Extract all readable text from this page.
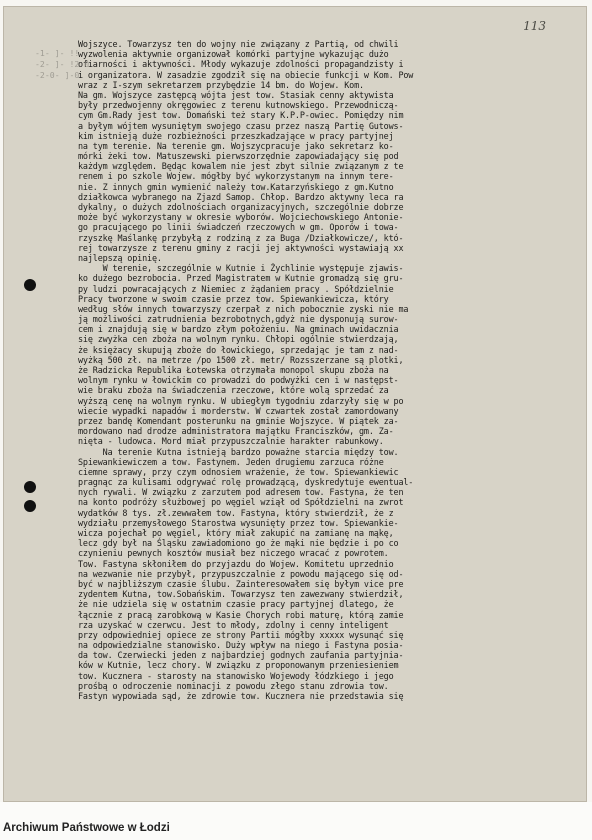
113
-1- ]- !!
-2- ]- !2-0
-2-0- ]-0
Wojszyce. Towarzysz ten do wojny nie związany z Partią, od chwili
wyzwolenia aktywnie organizował komórki partyjne wykazując dużo
ofiarności i aktywności. Młody wykazuje zdolności propagandzisty i
i organizatora. W zasadzie zgodził się na obiecie funkcji w Kom. Pow
wraz z I-szym sekretarzem przybędzie 14 bm. do Wojew. Kom.
Na gm. Wojszyce zastępcą wójta jest tow. Stasiak cenny aktywista
były przedwojenny okręgowiec z terenu kutnowskiego. Przewodniczą-
cym Gm.Rady jest tow. Domański też stary K.P.P-owiec. Pomiędzy nim
a byłym wójtem wysuniętym swojego czasu przez naszą Partię Gutows-
kim istnieją duże rozbieżności przeszkadzające w pracy partyjnej
na tym terenie. Na terenie gm. Wojszycpracuje jako sekretarz ko-
mórki żeki tow. Matuszewski pierwszorzędnie zapowiadający się pod
każdym względem. Będąc kowalem nie jest zbyt silnie związanym z te
renem i po szkole Wojew. mógłby być wykorzystanym na innym tere-
nie. Z innych gmin wymienić należy tow.Katarzyńskiego z gm.Kutno
działkowca wybranego na Zjazd Samop. Chłop. Bardzo aktywny leca ra
dykalny, o dużych zdolnościach organizacyjnych, szczególnie dobrze
może być wykorzystany w okresie wyborów. Wojciechowskiego Antonie-
go pracującego po linii świadczeń rzeczowych w gm. Oporów i towa-
rzyszkę Maślankę przybyłą z rodziną z za Buga /Działkowicze/, któ-
rej towarzysze z terenu gminy z racji jej aktywności wystawiają xx
najlepszą opinię.
W terenie, szczególnie w Kutnie i Żychlinie występuje zjawis-
ko dużego bezrobocia. Przed Magistratem w Kutnie gromadzą się gru-
py ludzi powracających z Niemiec z żądaniem pracy . Spółdzielnie
Pracy tworzone w swoim czasie przez tow. Spiewankiewicza, który
według słów innych towarzyszy czerpał z nich pobocznie zyski nie ma
ją możliwości zatrudnienia bezrobotnych,gdyż nie dysponują surow-
cem i znajdują się w bardzo złym położeniu. Na gminach uwidacznia
się zwyżka cen zboża na wolnym rynku. Chłopi ogólnie stwierdzają,
że księżacy skupują zboże do łowickiego, sprzedając je tam z nad-
wyżką 500 zł. na metrze /po 1500 zł. metr/ Rozsszerzane są plotki,
że Radzicka Republika Łotewska otrzymała monopol skupu zboża na
wolnym rynku w łowickim co prowadzi do podwyżki cen i w następst-
wie braku zboża na świadczenia rzeczowe, które wolą sprzedać za
wyższą cenę na wolnym rynku. W ubiegłym tygodniu zdarzyły się w po
wiecie wypadki napadów i morderstw. W czwartek został zamordowany
przez bandę Komendant posterunku na gminie Wojszyce. W piątek za-
mordowano nad drodze administratora majątku Franciszków, gm. Za-
nięta - ludowca. Mord miał przypuszczalnie harakter rabunkowy.
Na terenie Kutna istnieją bardzo poważne starcia między tow.
Spiewankiewiczem a tow. Fastynem. Jeden drugiemu zarzuca różne
ciemne sprawy, przy czym odnosiem wrażenie, że tow. Spiewankiewic
pragnąc za kulisami odgrywać rolę prowadzącą, dyskredytuje ewentual-
nych rywali. W związku z zarzutem pod adresem tow. Fastyna, że ten
na konto podróży służbowej po węgiel wziął od Spółdzielni na zwrot
wydatków 8 tys. zł.zewwałem tow. Fastyna, który stwierdził, że z
wydziału przemysłowego Starostwa wysunięty przez tow. Spiewankie-
wicza pojechał po węgiel, który miał zakupić na zamianę na mąkę,
lecz gdy był na Śląsku zawiadomiono go że mąki nie będzie i po co
czynieniu pewnych kosztów musiał bez niczego wracać z powrotem.
Tow. Fastyna skłoniłem do przyjazdu do Wojew. Komitetu uprzednio
na wezwanie nie przybył, przypuszczalnie z powodu mającego się od-
być w najbliższym czasie ślubu. Zainteresowałem się byłym vice pre
zydentem Kutna, tow.Sobańskim. Towarzysz ten zawezwany stwierdził,
że nie udziela się w ostatnim czasie pracy partyjnej dlatego, że
łącznie z pracą zarobkową w Kasie Chorych robi maturę, którą zamie
rza uzyskać w czerwcu. Jest to młody, zdolny i cenny inteligent
przy odpowiedniej opiece ze strony Partii mógłby xxxxx wysunąć się
na odpowiedzialne stanowisko. Duży wpływ na niego i Fastyna posia-
da tow. Czerwiecki jeden z najbardziej godnych zaufania partyjnia-
ków w Kutnie, lecz chory. W związku z proponowanym przeniesieniem
tow. Kucznera - starosty na stanowisko Wojewody łódzkiego i jego
prośbą o odroczenie nominacji z powodu złego stanu zdrowia tow.
Fastyn wypowiada sąd, że zdrowie tow. Kucznera nie przedstawia się
Archiwum Państwowe w Łodzi
